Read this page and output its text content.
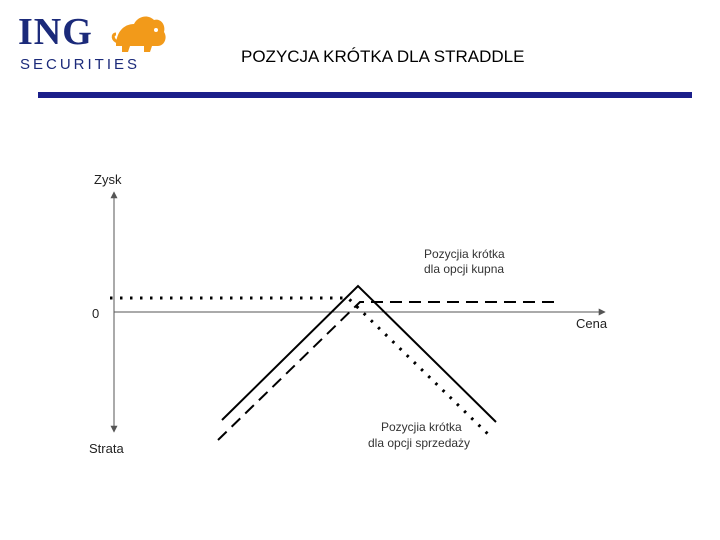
ING
SECURITIES	POZYCJA KRÓTKA DLA STRADDLE
Zysk
Strata
0
Cena
Pozycjia krótka
dla opcji kupna
Pozycjia krótka
dla opcji sprzedaży
